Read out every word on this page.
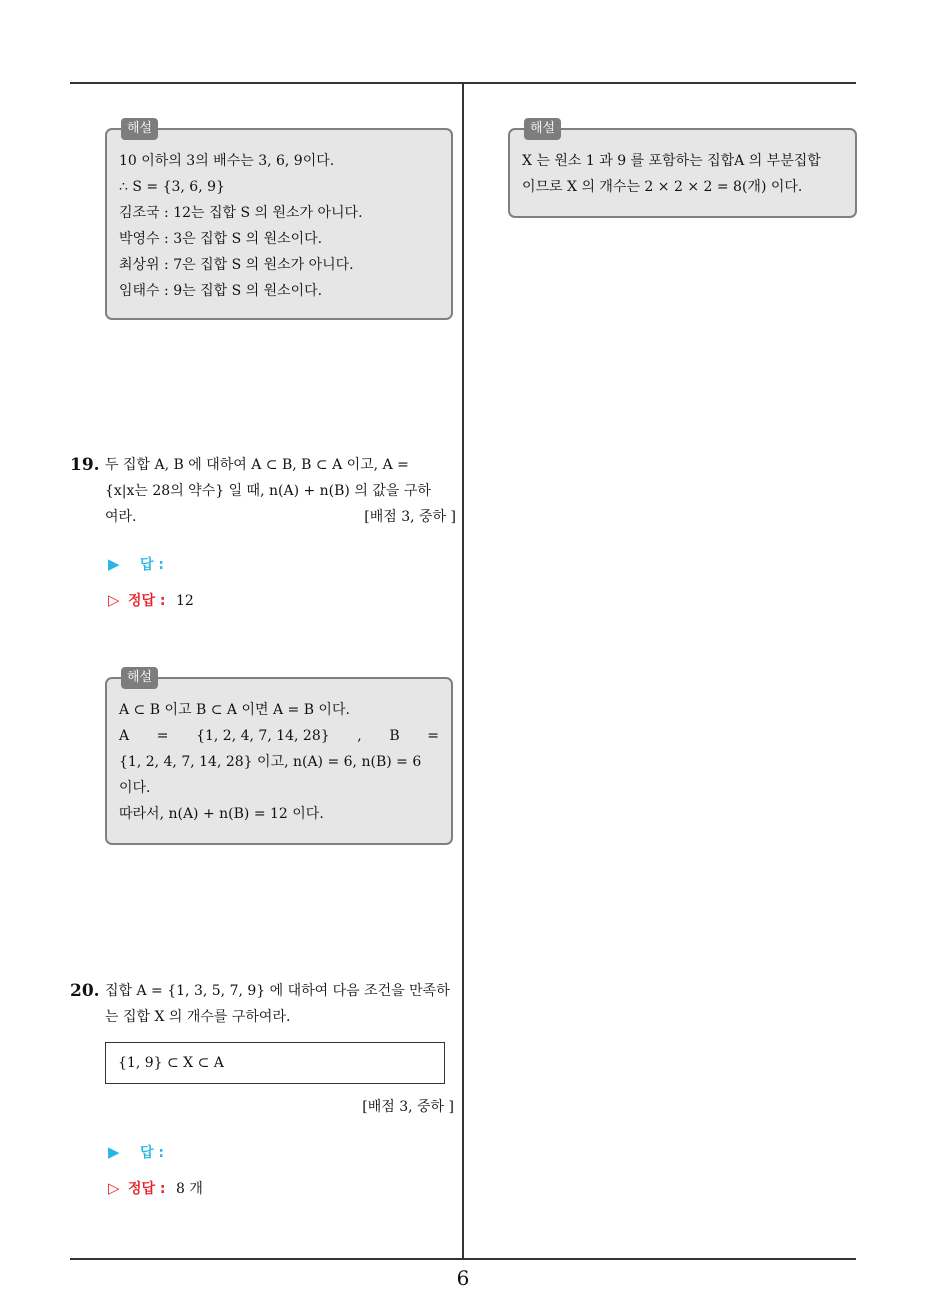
해설
10 이하의 3의 배수는 3, 6, 9이다.
∴ S = {3, 6, 9}
김조국 : 12는 집합 S 의 원소가 아니다.
박영수 : 3은 집합 S 의 원소이다.
최상위 : 7은 집합 S 의 원소가 아니다.
임태수 : 9는 집합 S 의 원소이다.
19. 두 집합 A, B 에 대하여 A ⊂ B, B ⊂ A 이고, A =
{x|x는 28의 약수} 일 때, n(A) + n(B) 의 값을 구하
여라.	[배점 3, 중하 ]
▶ 답 :
▷ 정답 : 12
해설
A ⊂ B 이고 B ⊂ A 이면 A = B 이다.
A = {1, 2, 4, 7, 14, 28} , B =
{1, 2, 4, 7, 14, 28} 이고, n(A) = 6, n(B) = 6
이다.
따라서, n(A) + n(B) = 12 이다.
20. 집합 A = {1, 3, 5, 7, 9} 에 대하여 다음 조건을 만족하
는 집합 X 의 개수를 구하여라.
{1, 9} ⊂ X ⊂ A
[배점 3, 중하 ]
▶ 답 :
▷ 정답 : 8 개
해설
X 는 원소 1 과 9 를 포함하는 집합A 의 부분집합
이므로 X 의 개수는 2 × 2 × 2 = 8(개) 이다.
6
